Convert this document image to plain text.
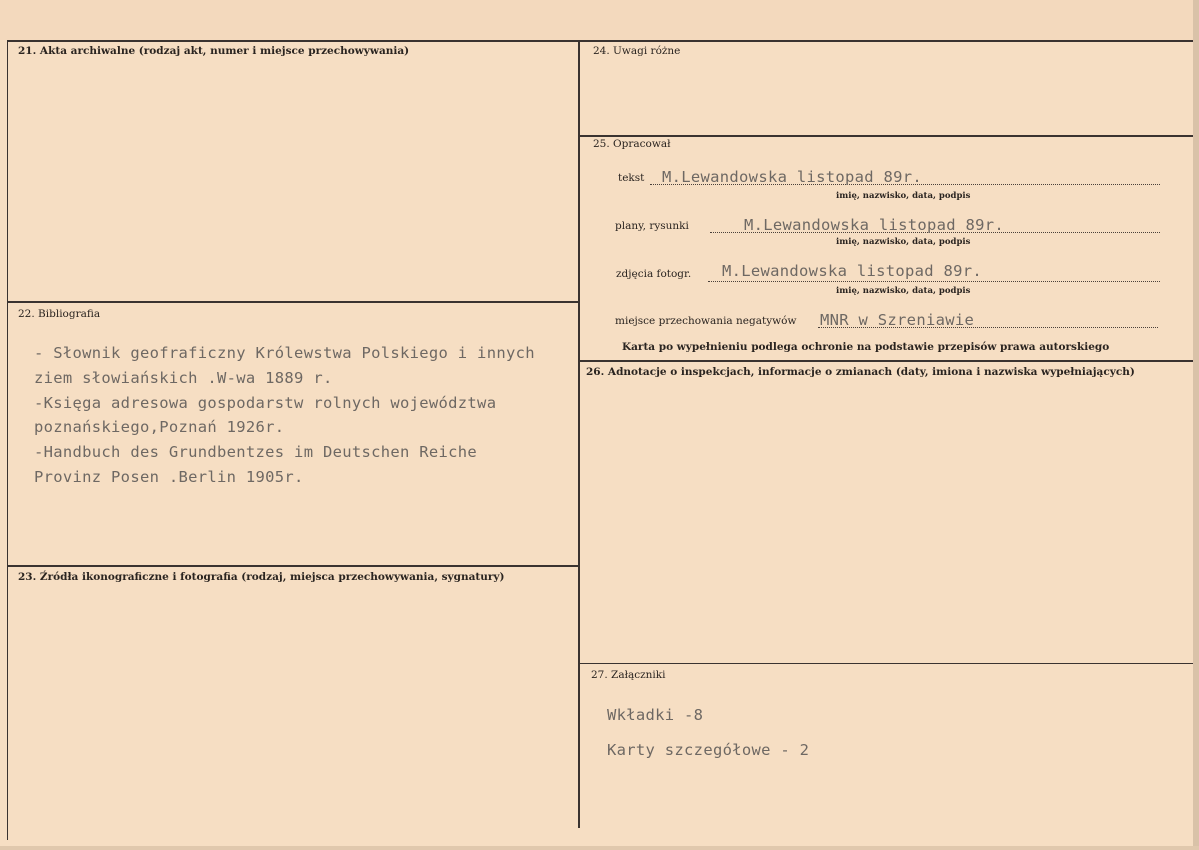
21. Akta archiwalne (rodzaj akt, numer i miejsce przechowywania)
22. Bibliografia
- Słownik geofraficzny Królewstwa Polskiego i innych
ziem słowiańskich .W-wa 1889 r.
-Księga adresowa gospodarstw rolnych województwa
poznańskiego,Poznań 1926r.
-Handbuch des Grundbentzes im Deutschen Reiche
Provinz Posen .Berlin 1905r.
23. Źródła ikonograficzne i fotografia (rodzaj, miejsca przechowywania, sygnatury)
24. Uwagi różne
25. Opracował
tekst M.Lewandowska listopad 89r.
imię, nazwisko, data, podpis
plany, rysunki	M.Lewandowska listopad 89r.
imię, nazwisko, data, podpis
zdjęcia fotogr. M.Lewandowska listopad 89r.
imię, nazwisko, data, podpis
miejsce przechowania negatywów MNR w Szreniawie
Karta po wypełnieniu podlega ochronie na podstawie przepisów prawa autorskiego
26. Adnotacje o inspekcjach, informacje o zmianach (daty, imiona i nazwiska wypełniających)
27. Załączniki
Wkładki -8
Karty szczegółowe - 2
